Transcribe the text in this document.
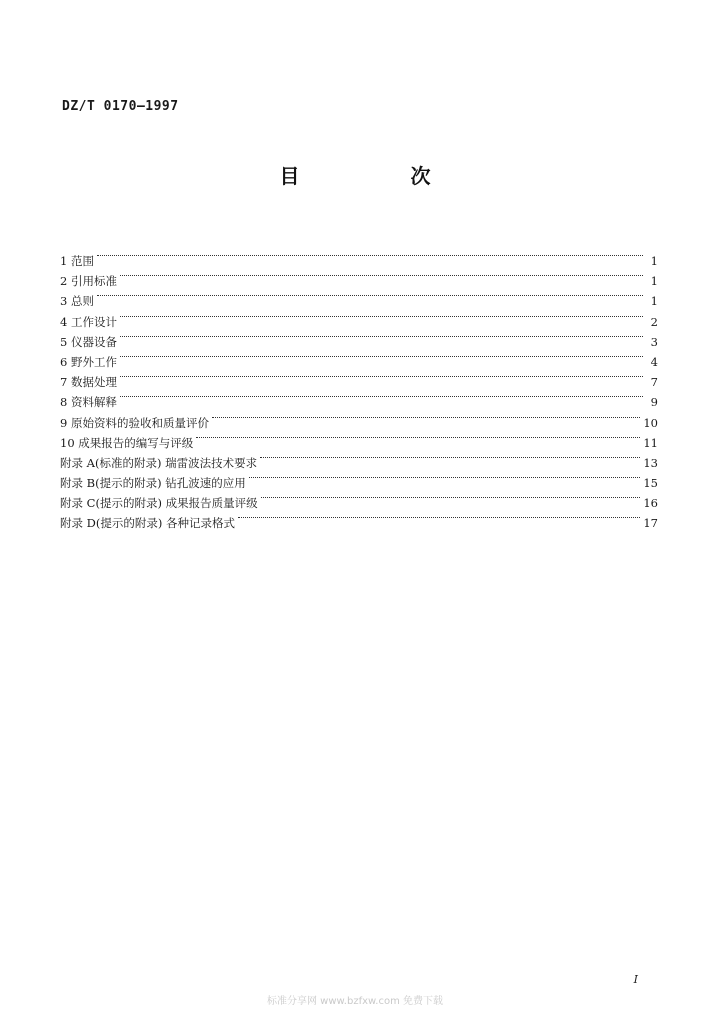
DZ/T 0170—1997
目 次
1 范围	1
2 引用标准	1
3 总则	1
4 工作设计	2
5 仪器设备	3
6 野外工作	4
7 数据处理	7
8 资料解释	9
9 原始资料的验收和质量评价	10
10 成果报告的编写与评级	11
附录 A(标准的附录) 瑞雷波法技术要求	13
附录 B(提示的附录) 钻孔波速的应用	15
附录 C(提示的附录) 成果报告质量评级	16
附录 D(提示的附录) 各种记录格式	17
I
标准分享网 www.bzfxw.com 免费下载
